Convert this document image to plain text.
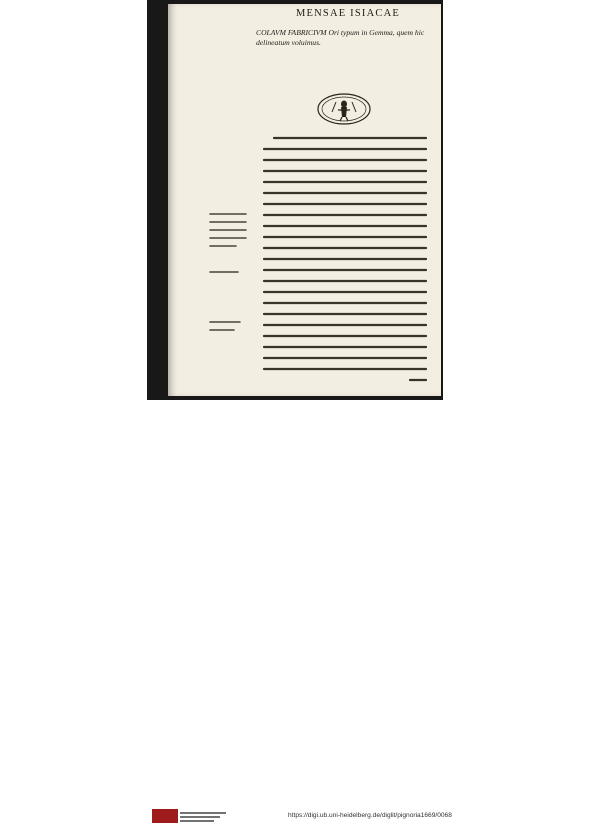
MENSAE ISIACAE
COLAVM FABRICIVM Ori typum in Gemma, quem hic delineatum voluimus.
https://digi.ub.uni-heidelberg.de/diglit/pignoria1669/0068
